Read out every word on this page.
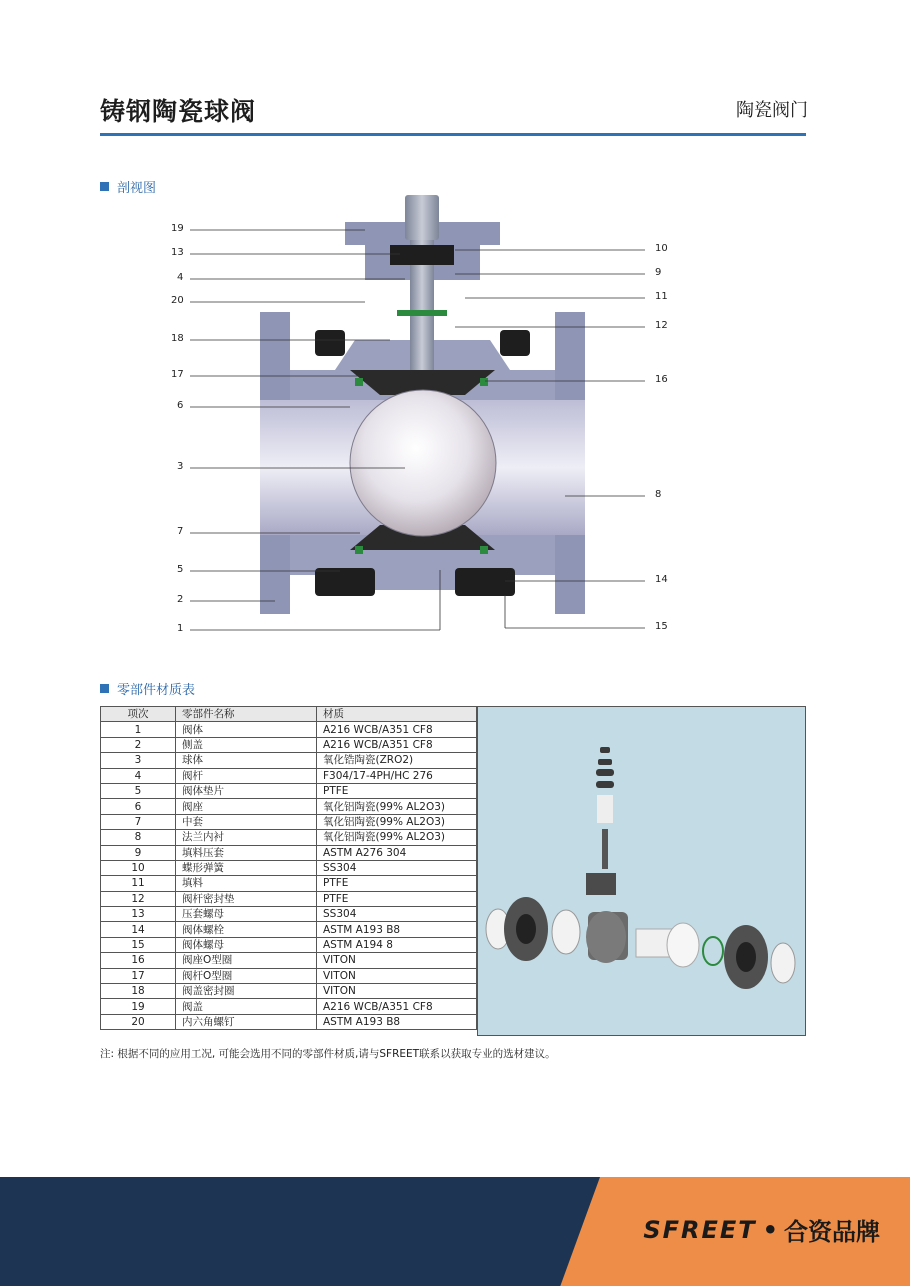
铸钢陶瓷球阀	陶瓷阀门
剖视图
19
13
4
20
18
17
6
3
7
5
2
1
10
9
11
12
16
8
14
15
零部件材质表
项次	零部件名称	材质
1	阀体	A216 WCB/A351 CF8
2	侧盖	A216 WCB/A351 CF8
3	球体	氧化锆陶瓷(ZRO2)
4	阀杆	F304/17-4PH/HC 276
5	阀体垫片	PTFE
6	阀座	氧化铝陶瓷(99% AL2O3)
7	中套	氧化铝陶瓷(99% AL2O3)
8	法兰内衬	氧化铝陶瓷(99% AL2O3)
9	填料压套	ASTM A276 304
10	蝶形弹簧	SS304
11	填料	PTFE
12	阀杆密封垫	PTFE
13	压套螺母	SS304
14	阀体螺栓	ASTM A193 B8
15	阀体螺母	ASTM A194 8
16	阀座O型圈	VITON
17	阀杆O型圈	VITON
18	阀盖密封圈	VITON
19	阀盖	A216 WCB/A351 CF8
20	内六角螺钉	ASTM A193 B8
注: 根据不同的应用工况, 可能会选用不同的零部件材质,请与SFREET联系以获取专业的选材建议。
SFREET • 合资品牌
